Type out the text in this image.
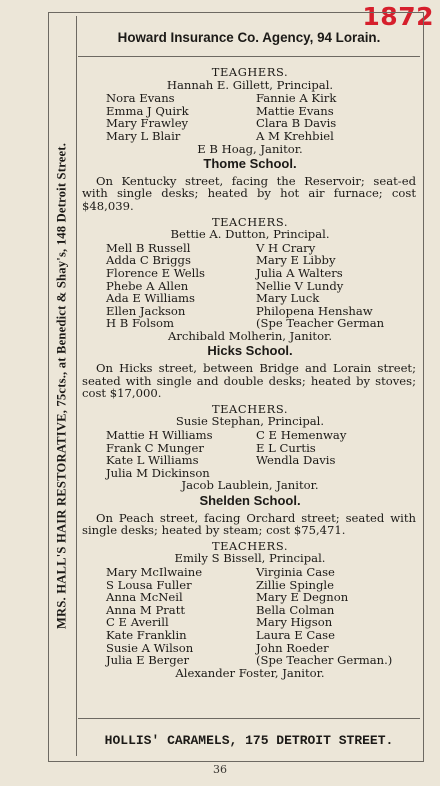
1872
MRS. HALL'S HAIR RESTORATIVE, 75cts., at Benedict & Shay's, 148 Detroit Street.
Howard Insurance Co. Agency, 94 Lorain.
TEAGHERS.
Hannah E. Gillett, Principal.
Nora Evans	Fannie A Kirk
Emma J Quirk	Mattie Evans
Mary Frawley	Clara B Davis
Mary L Blair	A M Krehbiel
E B Hoag, Janitor.
Thome School.
On Kentucky street, facing the Reservoir; seat-ed with single desks; heated by hot air furnace; cost $48,039.
TEACHERS.
Bettie A. Dutton, Principal.
Mell B Russell	V H Crary
Adda C Briggs	Mary E Libby
Florence E Wells	Julia A Walters
Phebe A Allen	Nellie V Lundy
Ada E Williams	Mary Luck
Ellen Jackson	Philopena Henshaw
H B Folsom	(Spe Teacher German
Archibald Molherin, Janitor.
Hicks School.
On Hicks street, between Bridge and Lorain street; seated with single and double desks; heated by stoves; cost $17,000.
TEACHERS.
Susie Stephan, Principal.
Mattie H Williams	C E Hemenway
Frank C Munger	E L Curtis
Kate L Williams	Wendla Davis
Julia M Dickinson
Jacob Laublein, Janitor.
Shelden School.
On Peach street, facing Orchard street; seated with single desks; heated by steam; cost $75,471.
TEACHERS.
Emily S Bissell, Principal.
Mary McIlwaine	Virginia Case
S Lousa Fuller	Zillie Spingle
Anna McNeil	Mary E Degnon
Anna M Pratt	Bella Colman
C E Averill	Mary Higson
Kate Franklin	Laura E Case
Susie A Wilson	John Roeder
Julia E Berger	(Spe Teacher German.)
Alexander Foster, Janitor.
HOLLIS' CARAMELS, 175 DETROIT STREET.
36
